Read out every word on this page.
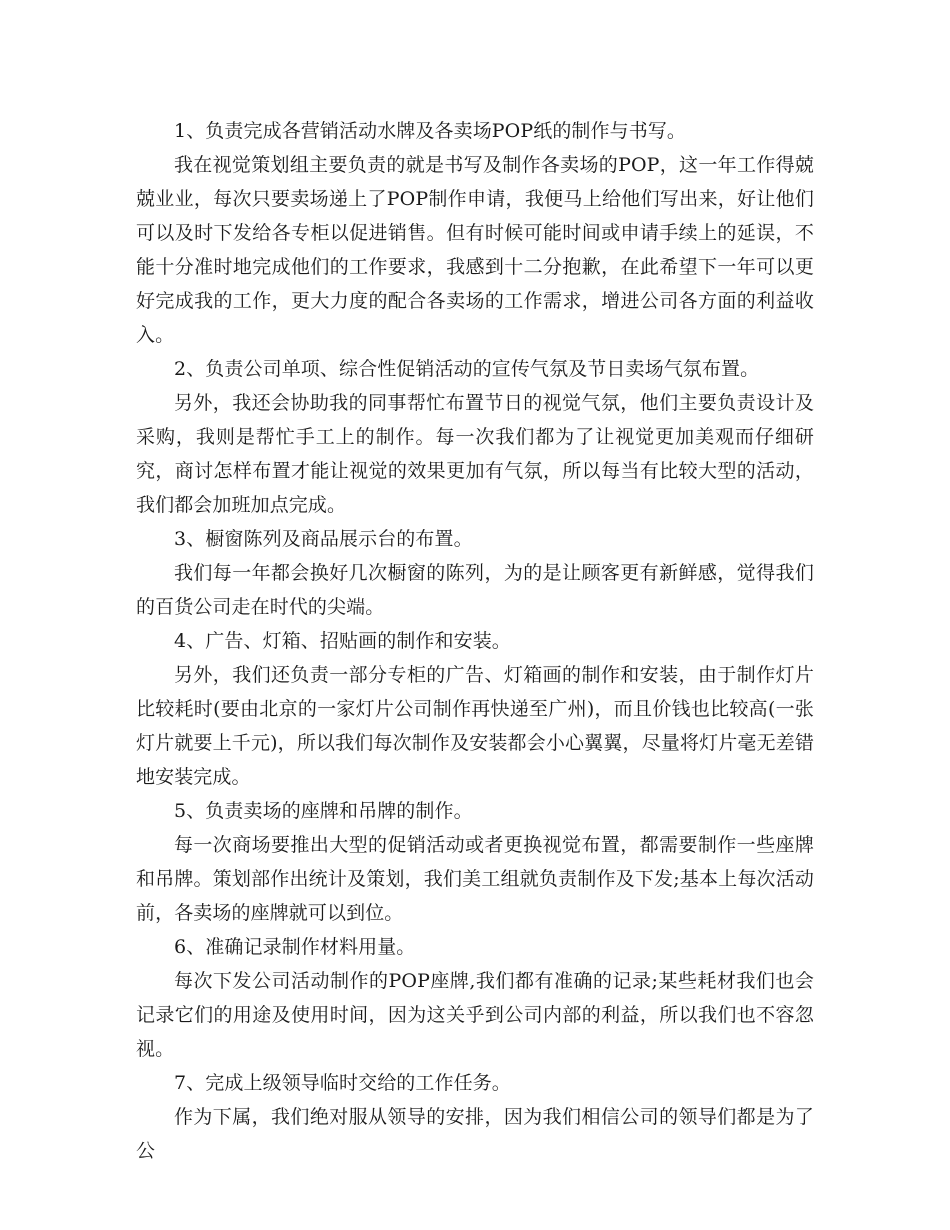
1、负责完成各营销活动水牌及各卖场POP纸的制作与书写。

我在视觉策划组主要负责的就是书写及制作各卖场的POP，这一年工作得兢兢业业，每次只要卖场递上了POP制作申请，我便马上给他们写出来，好让他们可以及时下发给各专柜以促进销售。但有时候可能时间或申请手续上的延误，不能十分准时地完成他们的工作要求，我感到十二分抱歉，在此希望下一年可以更好完成我的工作，更大力度的配合各卖场的工作需求，增进公司各方面的利益收入。

2、负责公司单项、综合性促销活动的宣传气氛及节日卖场气氛布置。

另外，我还会协助我的同事帮忙布置节日的视觉气氛，他们主要负责设计及采购，我则是帮忙手工上的制作。每一次我们都为了让视觉更加美观而仔细研究，商讨怎样布置才能让视觉的效果更加有气氛，所以每当有比较大型的活动，我们都会加班加点完成。

3、橱窗陈列及商品展示台的布置。

我们每一年都会换好几次橱窗的陈列，为的是让顾客更有新鲜感，觉得我们的百货公司走在时代的尖端。

4、广告、灯箱、招贴画的制作和安装。

另外，我们还负责一部分专柜的广告、灯箱画的制作和安装，由于制作灯片比较耗时(要由北京的一家灯片公司制作再快递至广州)，而且价钱也比较高(一张灯片就要上千元)，所以我们每次制作及安装都会小心翼翼，尽量将灯片毫无差错地安装完成。

5、负责卖场的座牌和吊牌的制作。

每一次商场要推出大型的促销活动或者更换视觉布置，都需要制作一些座牌和吊牌。策划部作出统计及策划，我们美工组就负责制作及下发;基本上每次活动前，各卖场的座牌就可以到位。

6、准确记录制作材料用量。

每次下发公司活动制作的POP座牌,我们都有准确的记录;某些耗材我们也会记录它们的用途及使用时间，因为这关乎到公司内部的利益，所以我们也不容忽视。

7、完成上级领导临时交给的工作任务。

作为下属，我们绝对服从领导的安排，因为我们相信公司的领导们都是为了公
